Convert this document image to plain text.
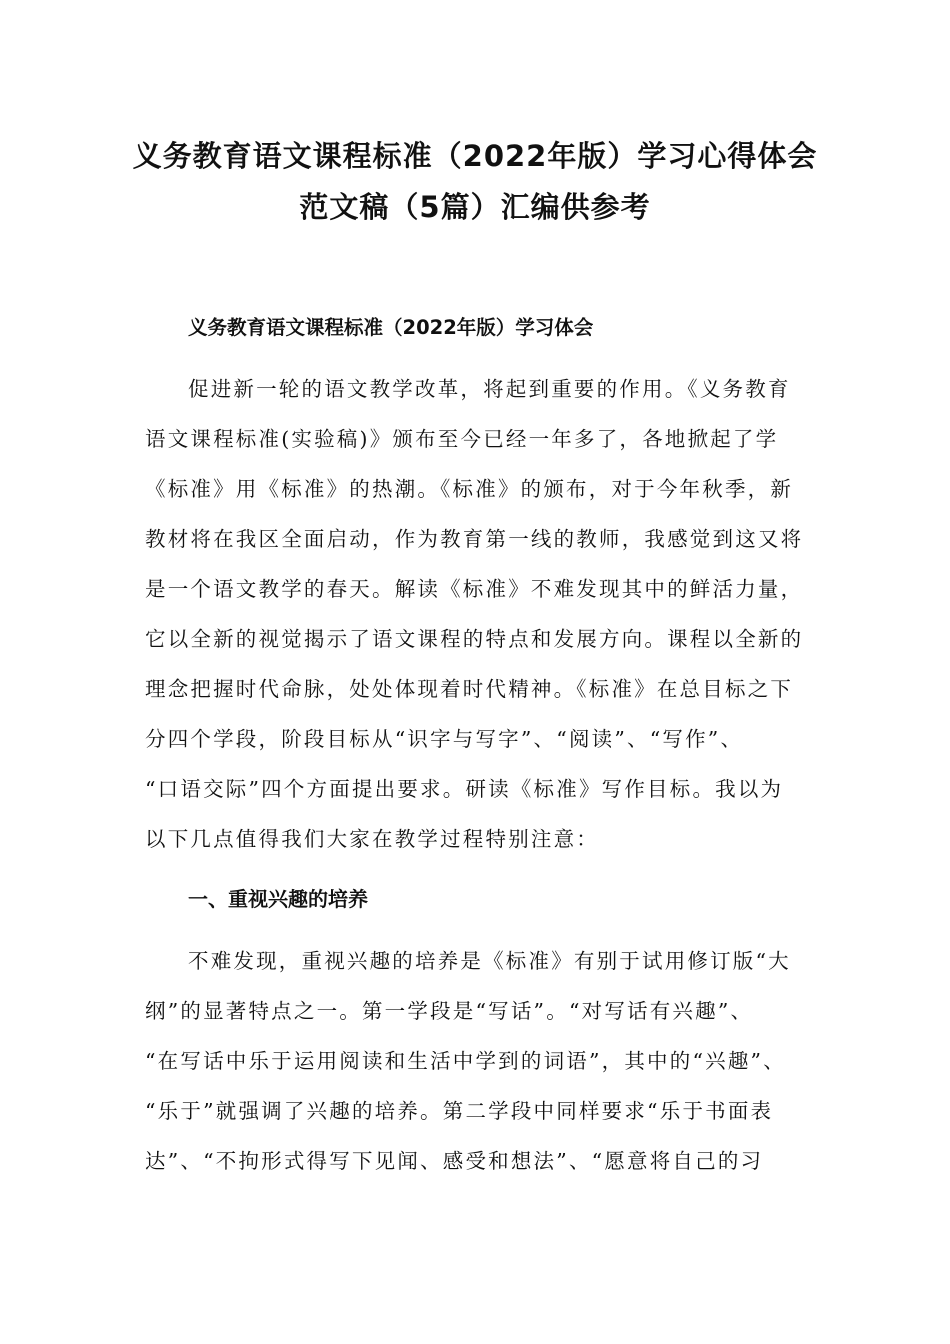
义务教育语文课程标准（2022年版）学习心得体会
范文稿（5篇）汇编供参考
义务教育语文课程标准（2022年版）学习体会
促进新一轮的语文教学改革，将起到重要的作用。《义务教育
语文课程标准(实验稿)》颁布至今已经一年多了，各地掀起了学
《标准》用《标准》的热潮。《标准》的颁布，对于今年秋季，新
教材将在我区全面启动，作为教育第一线的教师，我感觉到这又将
是一个语文教学的春天。解读《标准》不难发现其中的鲜活力量，
它以全新的视觉揭示了语文课程的特点和发展方向。课程以全新的
理念把握时代命脉，处处体现着时代精神。《标准》在总目标之下
分四个学段，阶段目标从“识字与写字”、“阅读”、“写作”、
“口语交际”四个方面提出要求。研读《标准》写作目标。我以为
以下几点值得我们大家在教学过程特别注意：
一、重视兴趣的培养
不难发现，重视兴趣的培养是《标准》有别于试用修订版“大
纲”的显著特点之一。第一学段是“写话”。“对写话有兴趣”、
“在写话中乐于运用阅读和生活中学到的词语”，其中的“兴趣”、
“乐于”就强调了兴趣的培养。第二学段中同样要求“乐于书面表
达”、“不拘形式得写下见闻、感受和想法”、“愿意将自己的习
